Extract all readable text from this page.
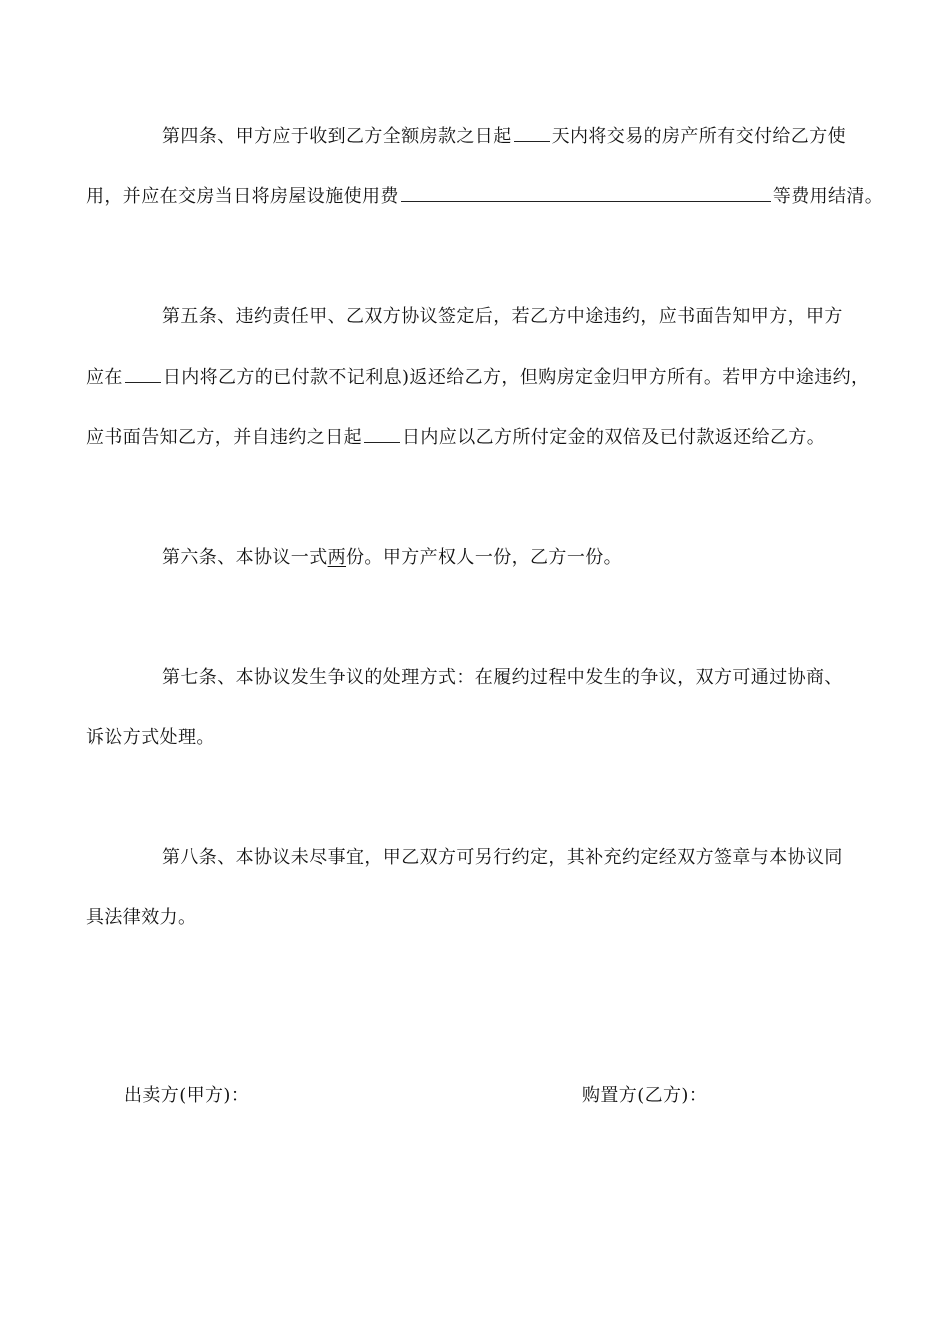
第四条、甲方应于收到乙方全额房款之日起 天内将交易的房产所有交付给乙方使
用，并应在交房当日将房屋设施使用费	等费用结清。
第五条、违约责任甲、乙双方协议签定后，若乙方中途违约，应书面告知甲方，甲方
应在 日内将乙方的已付款不记利息)返还给乙方，但购房定金归甲方所有。若甲方中途违约，
应书面告知乙方，并自违约之日起 日内应以乙方所付定金的双倍及已付款返还给乙方。
第六条、本协议一式两份。甲方产权人一份，乙方一份。
第七条、本协议发生争议的处理方式：在履约过程中发生的争议，双方可通过协商、
诉讼方式处理。
第八条、本协议未尽事宜，甲乙双方可另行约定，其补充约定经双方签章与本协议同
具法律效力。
出卖方(甲方)：	购置方(乙方)：
